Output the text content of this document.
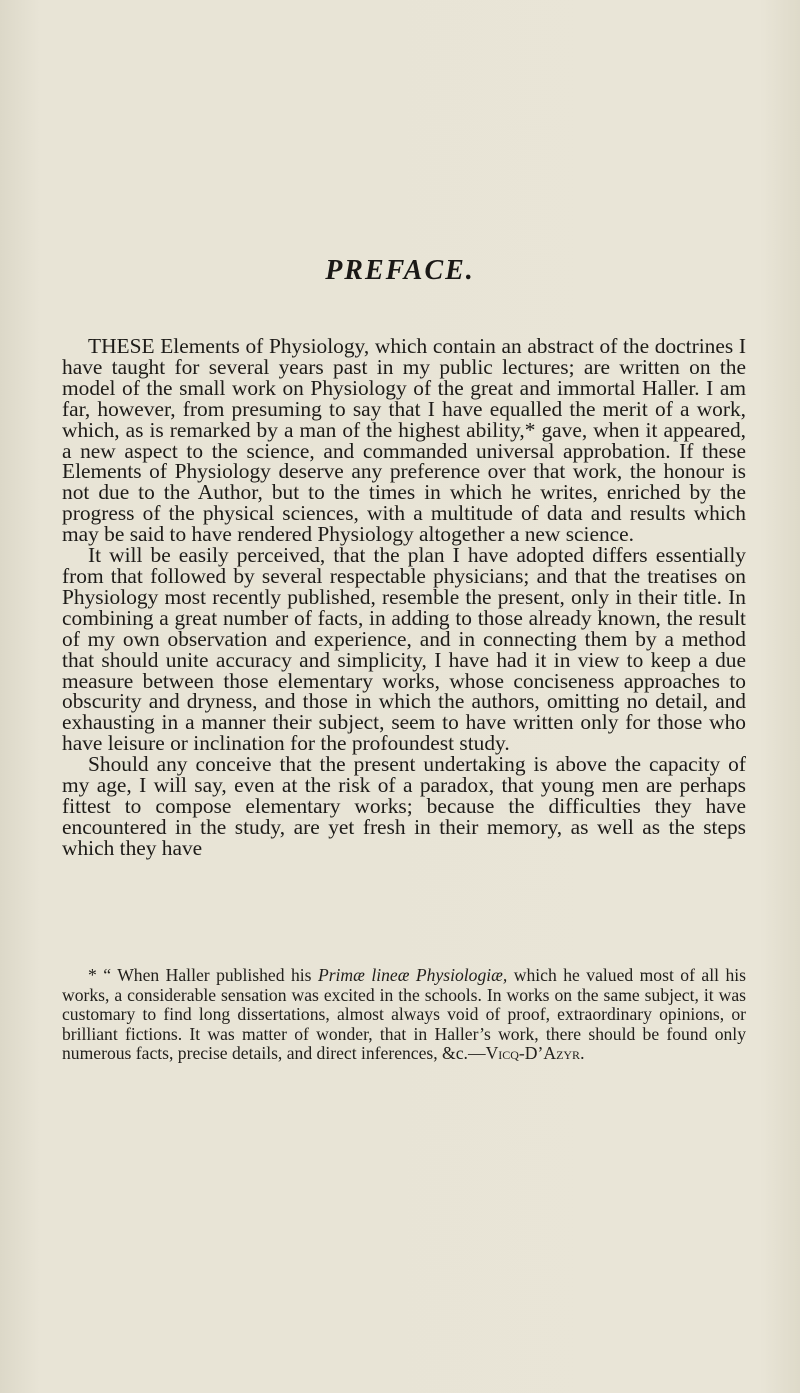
PREFACE.

THESE Elements of Physiology, which contain an abstract of the doctrines I have taught for several years past in my public lectures; are written on the model of the small work on Physiology of the great and immortal Haller. I am far, however, from presuming to say that I have equalled the merit of a work, which, as is remarked by a man of the highest ability,* gave, when it appeared, a new aspect to the science, and commanded universal approbation. If these Elements of Physiology deserve any preference over that work, the honour is not due to the Author, but to the times in which he writes, enriched by the progress of the physical sciences, with a multitude of data and results which may be said to have rendered Physiology altogether a new science.

It will be easily perceived, that the plan I have adopted differs essentially from that followed by several respectable physicians; and that the treatises on Physiology most recently published, resemble the present, only in their title. In combining a great number of facts, in adding to those already known, the result of my own observation and experience, and in connecting them by a method that should unite accuracy and simplicity, I have had it in view to keep a due measure between those elementary works, whose conciseness approaches to obscurity and dryness, and those in which the authors, omitting no detail, and exhausting in a manner their subject, seem to have written only for those who have leisure or inclination for the profoundest study.

Should any conceive that the present undertaking is above the capacity of my age, I will say, even at the risk of a paradox, that young men are perhaps fittest to compose elementary works; because the difficulties they have encountered in the study, are yet fresh in their memory, as well as the steps which they have

* “ When Haller published his Primæ lineæ Physiologiæ, which he valued most of all his works, a considerable sensation was excited in the schools. In works on the same subject, it was customary to find long dissertations, almost always void of proof, extraordinary opinions, or brilliant fictions. It was matter of wonder, that in Haller’s work, there should be found only numerous facts, precise details, and direct inferences, &c.—Vicq-D’Azyr.
